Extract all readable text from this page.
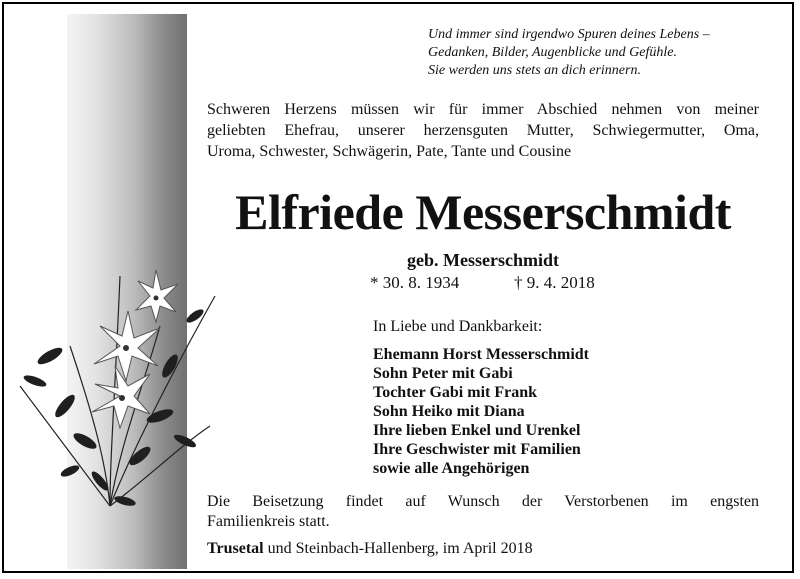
Und immer sind irgendwo Spuren deines Lebens –
Gedanken, Bilder, Augenblicke und Gefühle.
Sie werden uns stets an dich erinnern.
Schweren Herzens müssen wir für immer Abschied nehmen von meiner
geliebten Ehefrau, unserer herzensguten Mutter, Schwiegermutter, Oma,
Uroma, Schwester, Schwägerin, Pate, Tante und Cousine
Elfriede Messerschmidt
geb. Messerschmidt
* 30. 8. 1934	† 9. 4. 2018
In Liebe und Dankbarkeit:
Ehemann Horst Messerschmidt
Sohn Peter mit Gabi
Tochter Gabi mit Frank
Sohn Heiko mit Diana
Ihre lieben Enkel und Urenkel
Ihre Geschwister mit Familien
sowie alle Angehörigen
Die Beisetzung findet auf Wunsch der Verstorbenen im engsten
Familienkreis statt.
Trusetal und Steinbach-Hallenberg, im April 2018
